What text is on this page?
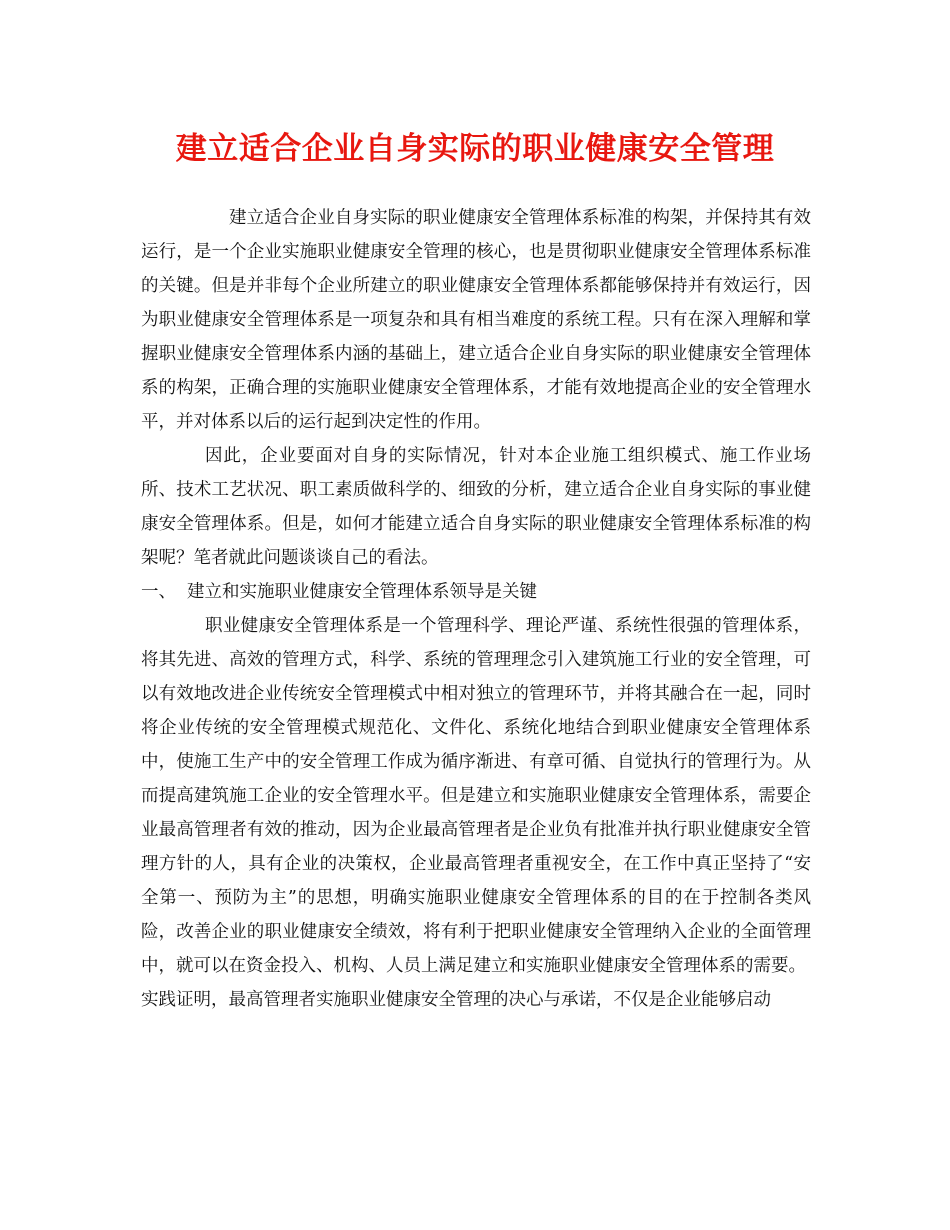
建立适合企业自身实际的职业健康安全管理

建立适合企业自身实际的职业健康安全管理体系标准的构架，并保持其有效运行，是一个企业实施职业健康安全管理的核心，也是贯彻职业健康安全管理体系标准的关键。但是并非每个企业所建立的职业健康安全管理体系都能够保持并有效运行，因为职业健康安全管理体系是一项复杂和具有相当难度的系统工程。只有在深入理解和掌握职业健康安全管理体系内涵的基础上，建立适合企业自身实际的职业健康安全管理体系的构架，正确合理的实施职业健康安全管理体系，才能有效地提高企业的安全管理水平，并对体系以后的运行起到决定性的作用。

因此，企业要面对自身的实际情况，针对本企业施工组织模式、施工作业场所、技术工艺状况、职工素质做科学的、细致的分析，建立适合企业自身实际的事业健康安全管理体系。但是，如何才能建立适合自身实际的职业健康安全管理体系标准的构架呢？笔者就此问题谈谈自己的看法。

一、 建立和实施职业健康安全管理体系领导是关键

职业健康安全管理体系是一个管理科学、理论严谨、系统性很强的管理体系，将其先进、高效的管理方式，科学、系统的管理理念引入建筑施工行业的安全管理，可以有效地改进企业传统安全管理模式中相对独立的管理环节，并将其融合在一起，同时将企业传统的安全管理模式规范化、文件化、系统化地结合到职业健康安全管理体系中，使施工生产中的安全管理工作成为循序渐进、有章可循、自觉执行的管理行为。从而提高建筑施工企业的安全管理水平。但是建立和实施职业健康安全管理体系，需要企业最高管理者有效的推动，因为企业最高管理者是企业负有批准并执行职业健康安全管理方针的人，具有企业的决策权，企业最高管理者重视安全，在工作中真正坚持了“安全第一、预防为主”的思想，明确实施职业健康安全管理体系的目的在于控制各类风险，改善企业的职业健康安全绩效，将有利于把职业健康安全管理纳入企业的全面管理中，就可以在资金投入、机构、人员上满足建立和实施职业健康安全管理体系的需要。

实践证明，最高管理者实施职业健康安全管理的决心与承诺，不仅是企业能够启动
